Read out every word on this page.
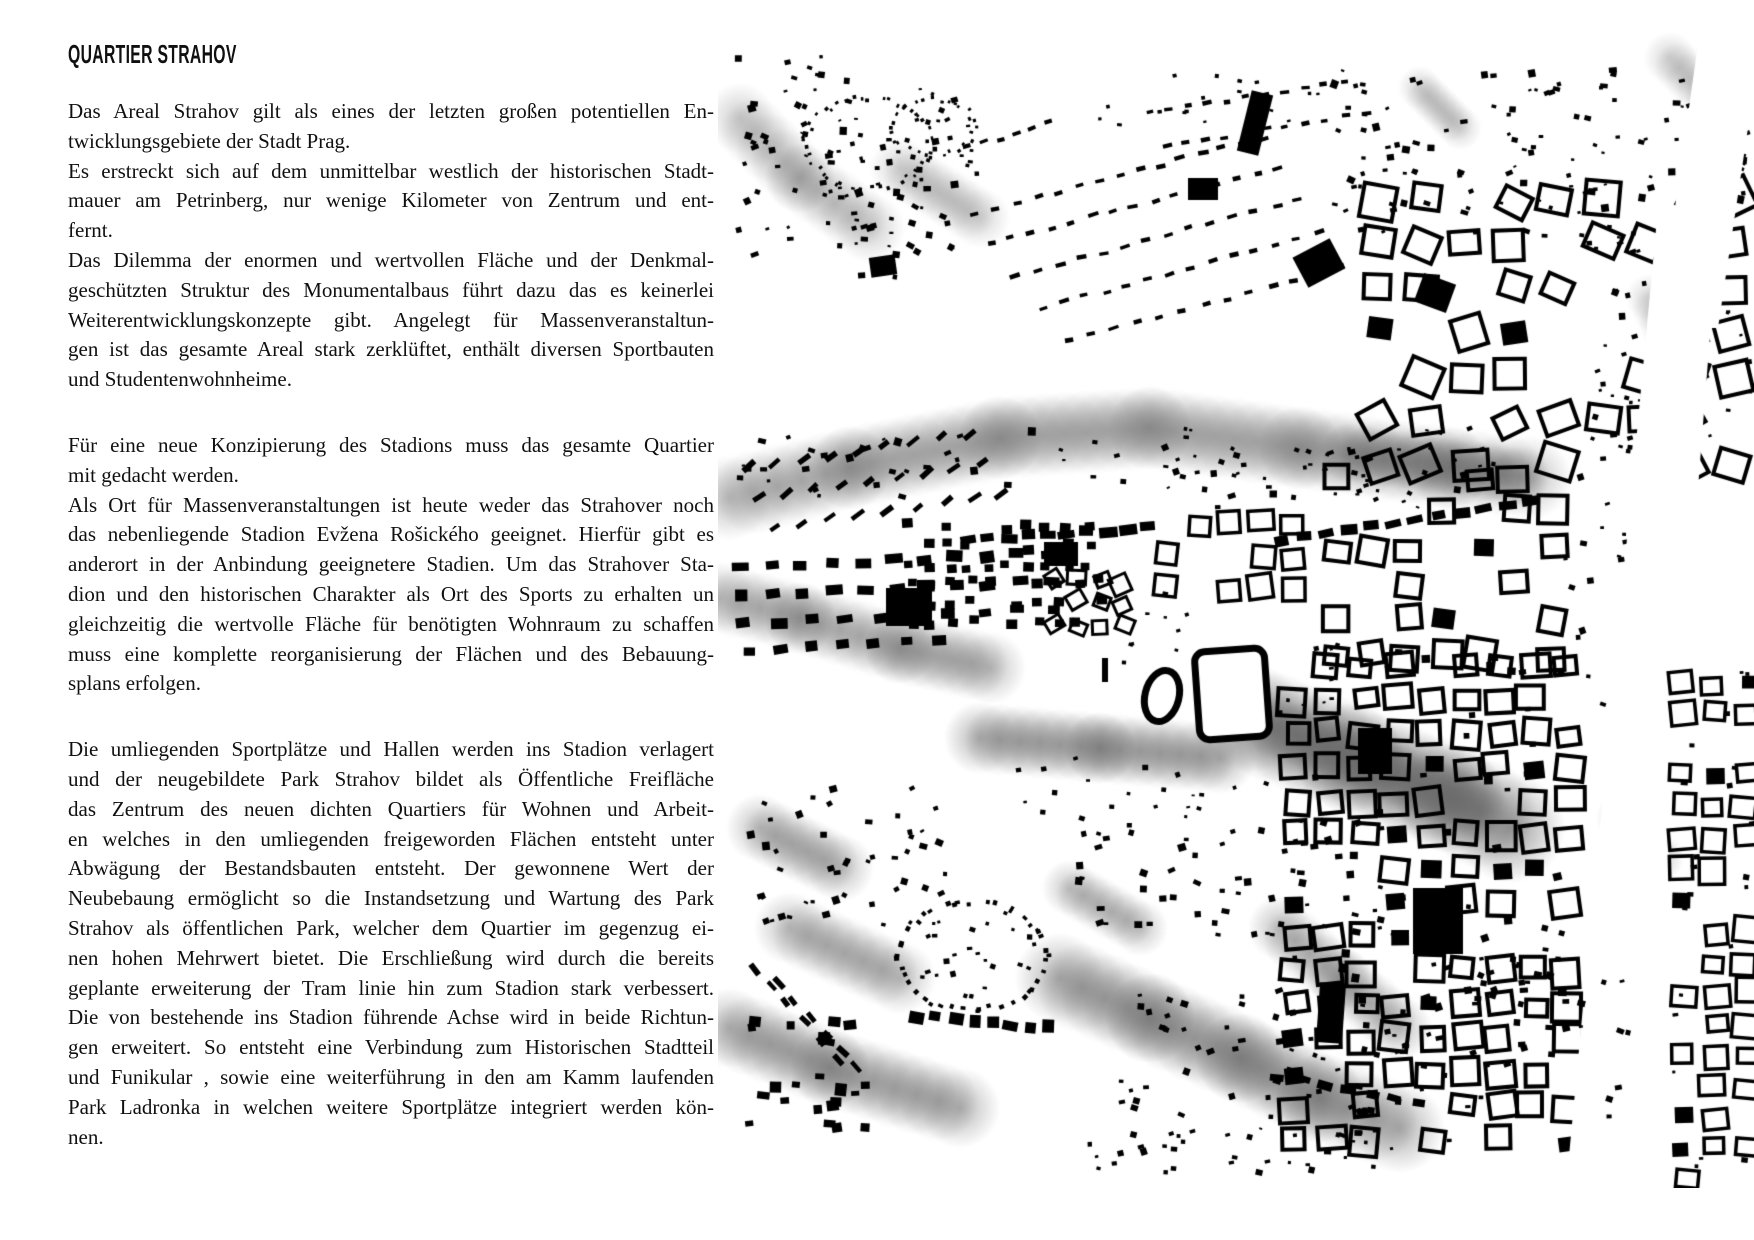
QUARTIER STRAHOV
Das Areal Strahov gilt als eines der letzten großen potentiellen En-
twicklungsgebiete der Stadt Prag.
Es erstreckt sich auf dem unmittelbar westlich der historischen Stadt-
mauer am Petrinberg, nur wenige Kilometer von Zentrum und ent-
fernt.
Das Dilemma der enormen und wertvollen Fläche und der Denkmal-
geschützten Struktur des Monumentalbaus führt dazu das es keinerlei
Weiterentwicklungskonzepte gibt. Angelegt für Massenveranstaltun-
gen ist das gesamte Areal stark zerklüftet, enthält diversen Sportbauten
und Studentenwohnheime.
Für eine neue Konzipierung des Stadions muss das gesamte Quartier
mit gedacht werden.
Als Ort für Massenveranstaltungen ist heute weder das Strahover noch
das nebenliegende Stadion Evžena Rošického geeignet. Hierfür gibt es
anderort in der Anbindung geeignetere Stadien. Um das Strahover Sta-
dion und den historischen Charakter als Ort des Sports zu erhalten un
gleichzeitig die wertvolle Fläche für benötigten Wohnraum zu schaffen
muss eine komplette reorganisierung der Flächen und des Bebauung-
splans erfolgen.
Die umliegenden Sportplätze und Hallen werden ins Stadion verlagert
und der neugebildete Park Strahov bildet als Öffentliche Freifläche
das Zentrum des neuen dichten Quartiers für Wohnen und Arbeit-
en welches in den umliegenden freigeworden Flächen entsteht unter
Abwägung der Bestandsbauten entsteht. Der gewonnene Wert der
Neubebaung ermöglicht so die Instandsetzung und Wartung des Park
Strahov als öffentlichen Park, welcher dem Quartier im gegenzug ei-
nen hohen Mehrwert bietet. Die Erschließung wird durch die bereits
geplante erweiterung der Tram linie hin zum Stadion stark verbessert.
Die von bestehende ins Stadion führende Achse wird in beide Richtun-
gen erweitert. So entsteht eine Verbindung zum Historischen Stadtteil
und Funikular , sowie eine weiterführung in den am Kamm laufenden
Park Ladronka in welchen weitere Sportplätze integriert werden kön-
nen.
